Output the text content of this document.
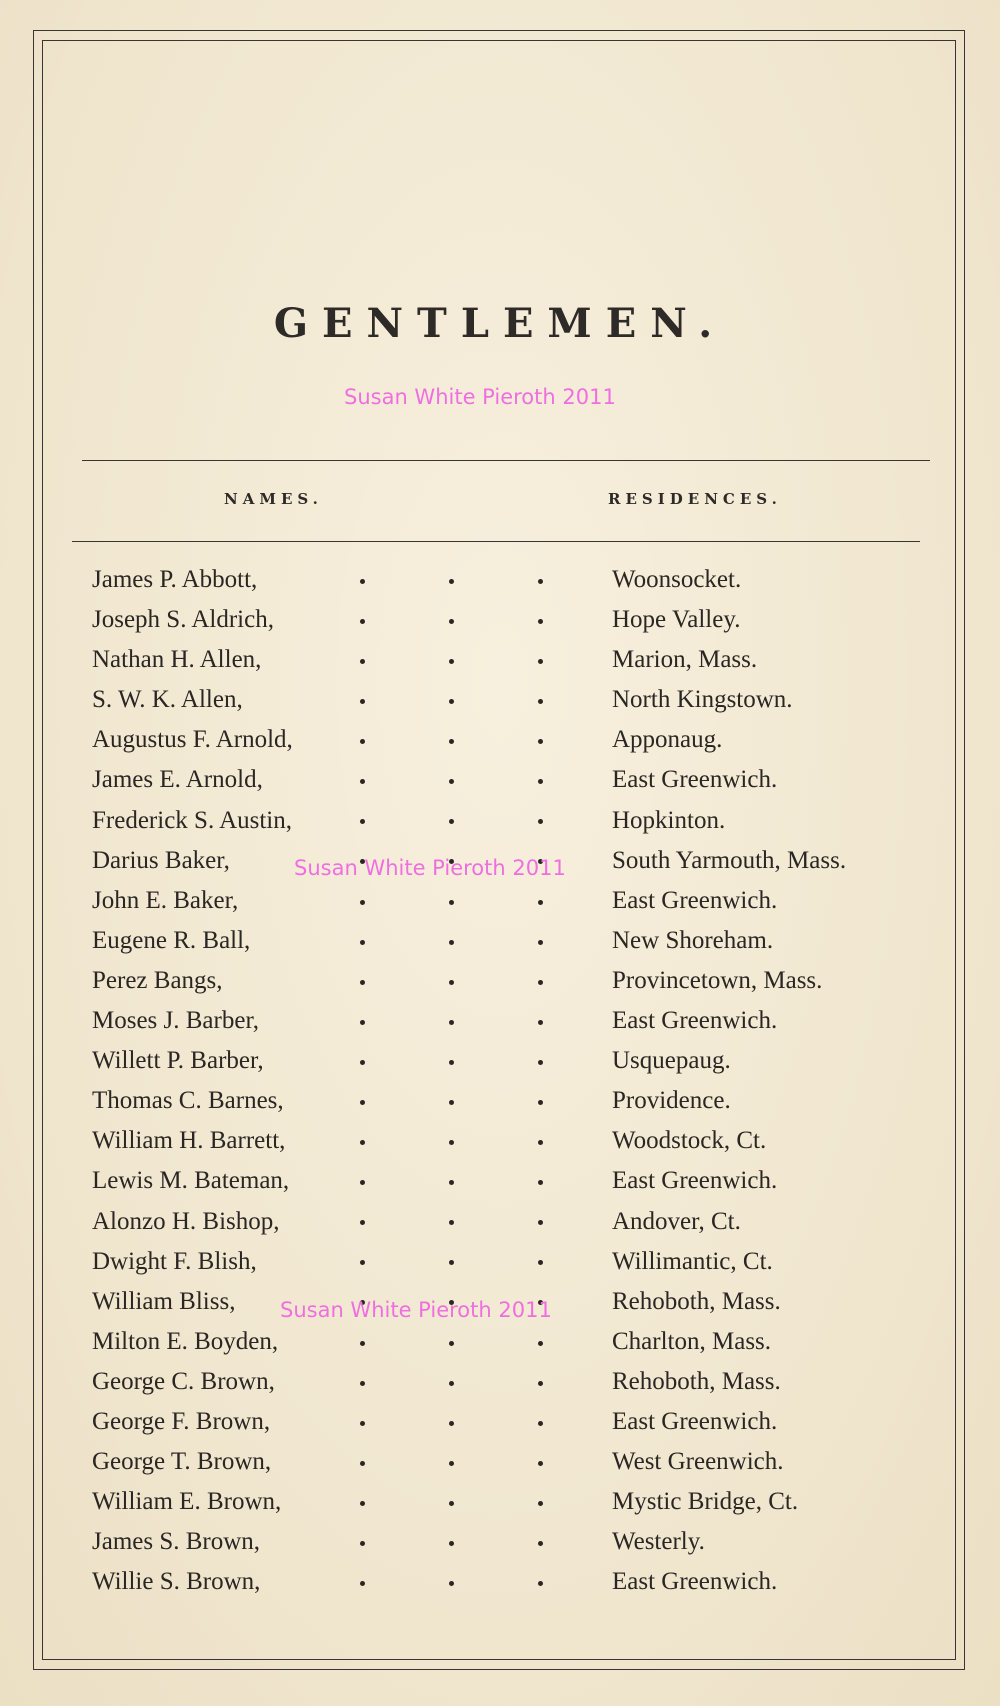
GENTLEMEN.
Susan White Pieroth 2011
NAMES.	RESIDENCES.
James P. Abbott,	Woonsocket.
Joseph S. Aldrich,	Hope Valley.
Nathan H. Allen,	Marion, Mass.
S. W. K. Allen,	North Kingstown.
Augustus F. Arnold,	Apponaug.
James E. Arnold,	East Greenwich.
Frederick S. Austin,	Hopkinton.
Darius Baker,	South Yarmouth, Mass.
John E. Baker,	East Greenwich.
Eugene R. Ball,	New Shoreham.
Perez Bangs,	Provincetown, Mass.
Moses J. Barber,	East Greenwich.
Willett P. Barber,	Usquepaug.
Thomas C. Barnes,	Providence.
William H. Barrett,	Woodstock, Ct.
Lewis M. Bateman,	East Greenwich.
Alonzo H. Bishop,	Andover, Ct.
Dwight F. Blish,	Willimantic, Ct.
William Bliss,	Rehoboth, Mass.
Milton E. Boyden,	Charlton, Mass.
George C. Brown,	Rehoboth, Mass.
George F. Brown,	East Greenwich.
George T. Brown,	West Greenwich.
William E. Brown,	Mystic Bridge, Ct.
James S. Brown,	Westerly.
Willie S. Brown,	East Greenwich.
Susan White Pieroth 2011
Susan White Pieroth 2011
